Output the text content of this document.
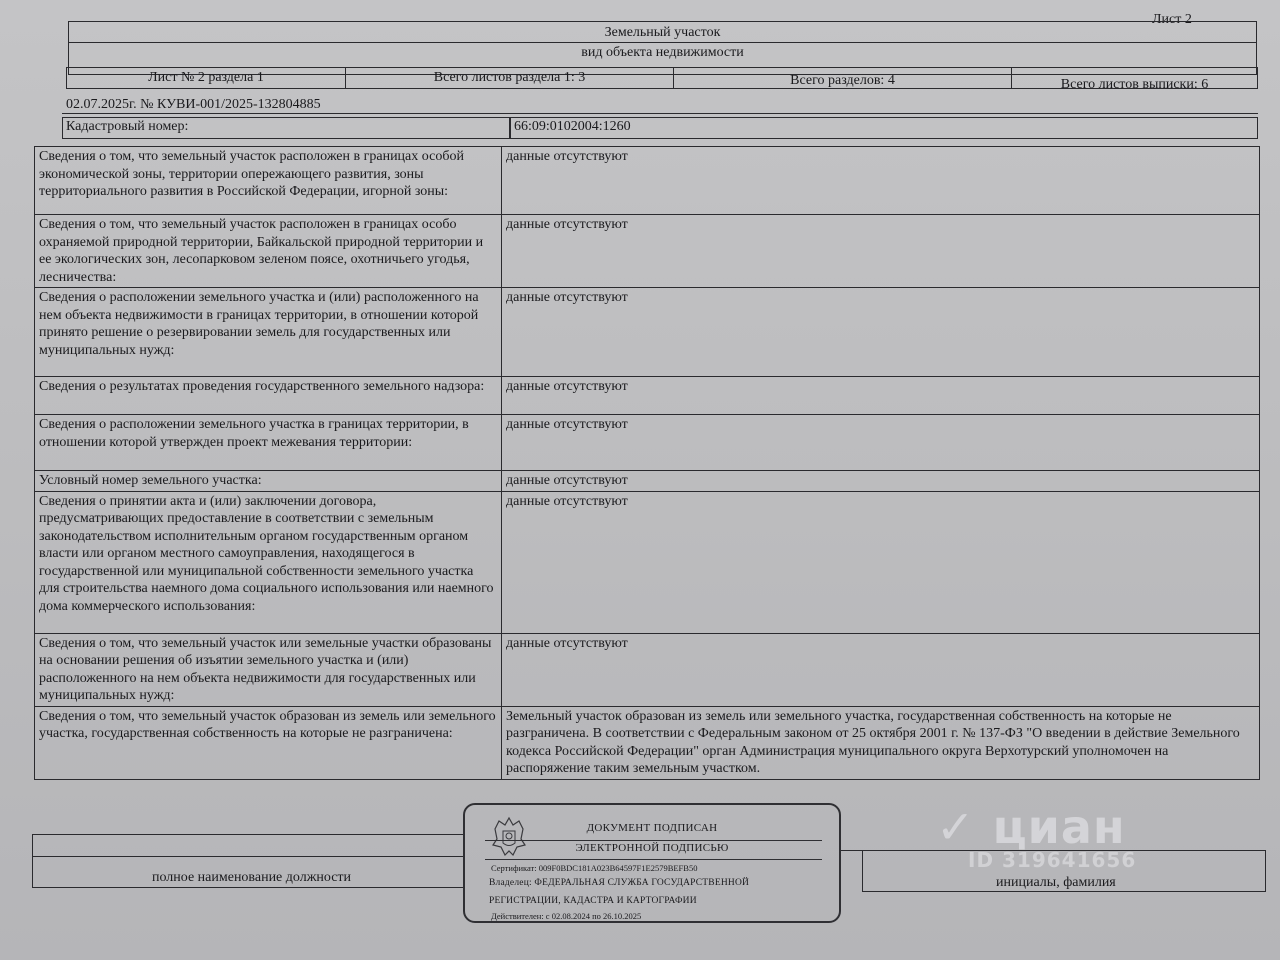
Лист 2
Земельный участок
вид объекта недвижимости
Лист № 2 раздела 1	Всего листов раздела 1: 3	Всего разделов: 4	Всего листов выписки: 6
02.07.2025г. № КУВИ-001/2025-132804885
Кадастровый номер:	66:09:0102004:1260
Сведения о том, что земельный участок расположен в границах особой экономической зоны, территории опережающего развития, зоны территориального развития в Российской Федерации, игорной зоны:	данные отсутствуют
Сведения о том, что земельный участок расположен в границах особо охраняемой природной территории, Байкальской природной территории и ее экологических зон, лесопарковом зеленом поясе, охотничьего угодья, лесничества:	данные отсутствуют
Сведения о расположении земельного участка и (или) расположенного на нем объекта недвижимости в границах территории, в отношении которой принято решение о резервировании земель для государственных или муниципальных нужд:	данные отсутствуют
Сведения о результатах проведения государственного земельного надзора:	данные отсутствуют
Сведения о расположении земельного участка в границах территории, в отношении которой утвержден проект межевания территории:	данные отсутствуют
Условный номер земельного участка:	данные отсутствуют
Сведения о принятии акта и (или) заключении договора, предусматривающих предоставление в соответствии с земельным законодательством исполнительным органом государственным органом власти или органом местного самоуправления, находящегося в государственной или муниципальной собственности земельного участка для строительства наемного дома социального использования или наемного дома коммерческого использования:	данные отсутствуют
Сведения о том, что земельный участок или земельные участки образованы на основании решения об изъятии земельного участка и (или) расположенного на нем объекта недвижимости для государственных или муниципальных нужд:	данные отсутствуют
Сведения о том, что земельный участок образован из земель или земельного участка, государственная собственность на которые не разграничена:	Земельный участок образован из земель или земельного участка, государственная собственность на которые не разграничена. В соответствии с Федеральным законом от 25 октября 2001 г. № 137-ФЗ "О введении в действие Земельного кодекса Российской Федерации" орган Администрация муниципального округа Верхотурский уполномочен на распоряжение таким земельным участком.
полное наименование должности	инициалы, фамилия
ДОКУМЕНТ ПОДПИСАН
ЭЛЕКТРОННОЙ ПОДПИСЬЮ
Сертификат: 009F0BDC181A023B64597F1E2579BEFB50
Владелец: ФЕДЕРАЛЬНАЯ СЛУЖБА ГОСУДАРСТВЕННОЙ
РЕГИСТРАЦИИ, КАДАСТРА И КАРТОГРАФИИ
Действителен: с 02.08.2024 по 26.10.2025
✓ циан
ID 319641656
